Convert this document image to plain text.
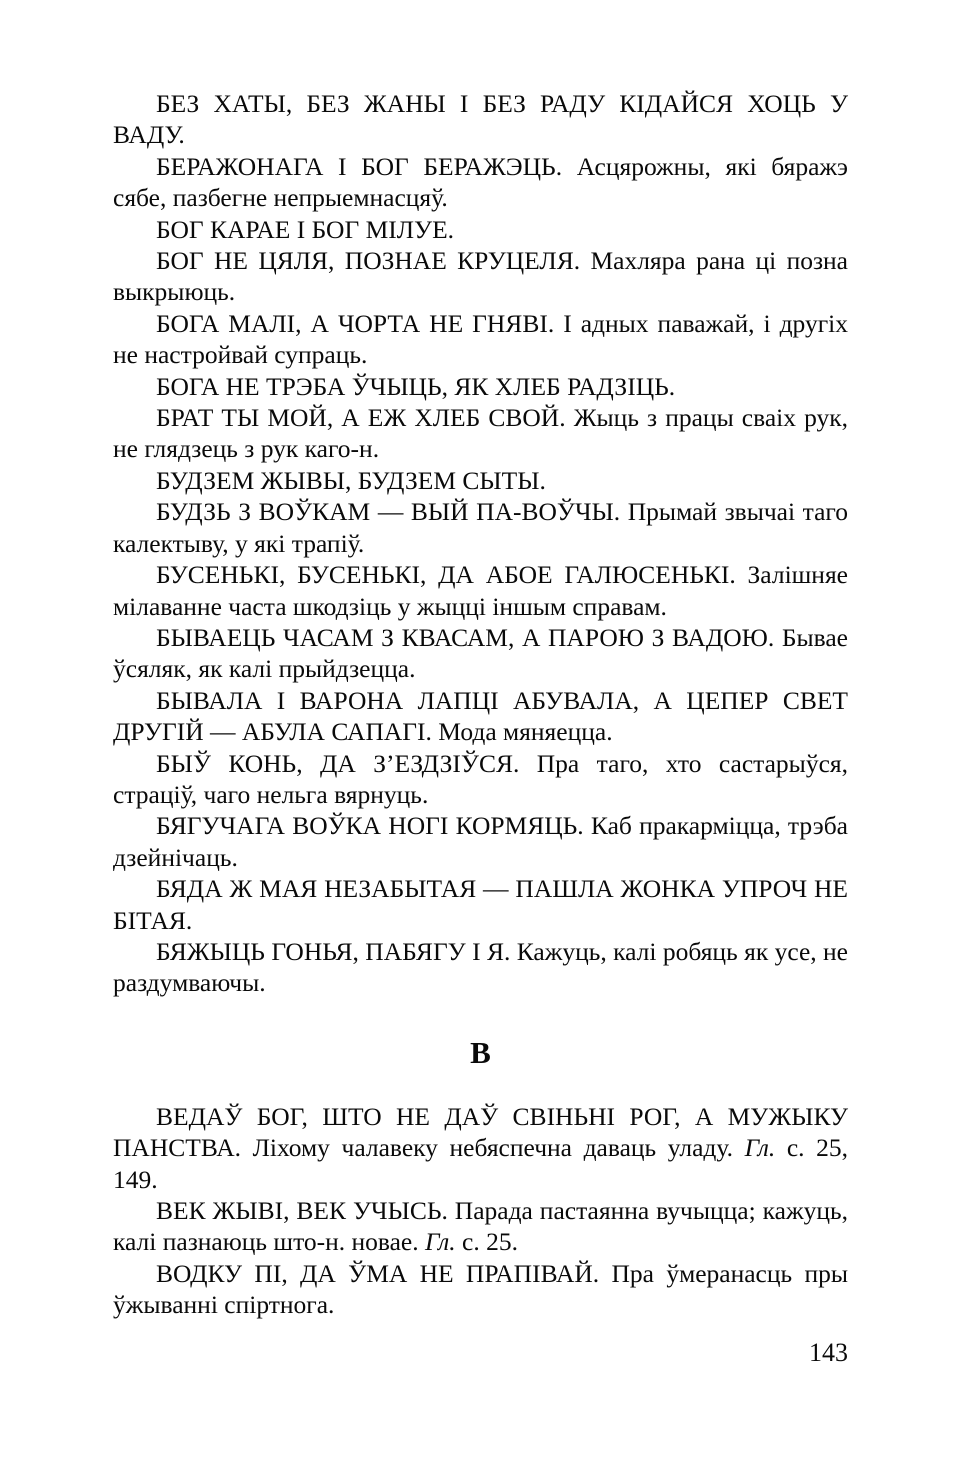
БЕЗ ХАТЫ, БЕЗ ЖАНЫ І БЕЗ РАДУ КІДАЙСЯ ХОЦЬ У ВАДУ.

БЕРАЖОНАГА І БОГ БЕРАЖЭЦЬ. Асцярожны, які бяражэ сябе, пазбегне непрыемнасцяў.

БОГ КАРАЕ І БОГ МІЛУЕ.

БОГ НЕ ЦЯЛЯ, ПОЗНАЕ КРУЦЕЛЯ. Махляра рана ці позна выкрыюць.

БОГА МАЛІ, А ЧОРТА НЕ ГНЯВІ. І адных паважай, і другіх не настройвай супраць.

БОГА НЕ ТРЭБА ЎЧЫЦЬ, ЯК ХЛЕБ РАДЗІЦЬ.

БРАТ ТЫ МОЙ, А ЕЖ ХЛЕБ СВОЙ. Жыць з працы сваіх рук, не глядзець з рук каго-н.

БУДЗЕМ ЖЫВЫ, БУДЗЕМ СЫТЫ.

БУДЗЬ З ВОЎКАМ — ВЫЙ ПА-ВОЎЧЫ. Прымай звычаі таго калектыву, у які трапіў.

БУСЕНЬКІ, БУСЕНЬКІ, ДА АБОЕ ГАЛЮСЕНЬКІ. Залішняе мілаванне часта шкодзіць у жыцці іншым справам.

БЫВАЕЦЬ ЧАСАМ З КВАСАМ, А ПАРОЮ З ВАДОЮ. Бывае ўсяляк, як калі прыйдзецца.

БЫВАЛА І ВАРОНА ЛАПЦІ АБУВАЛА, А ЦЕПЕР СВЕТ ДРУГІЙ — АБУЛА САПАГІ. Мода мяняецца.

БЫЎ КОНЬ, ДА З’ЕЗДЗІЎСЯ. Пра таго, хто састарыўся, страціў, чаго нельга вярнуць.

БЯГУЧАГА ВОЎКА НОГІ КОРМЯЦЬ. Каб пракарміцца, трэба дзейнічаць.

БЯДА Ж МАЯ НЕЗАБЫТАЯ — ПАШЛА ЖОНКА УПРОЧ НЕ БІТАЯ.

БЯЖЫЦЬ ГОНЬЯ, ПАБЯГУ І Я. Кажуць, калі робяць як усе, не раздумваючы.

В

ВЕДАЎ БОГ, ШТО НЕ ДАЎ СВІНЬНІ РОГ, А МУЖЫКУ ПАНСТВА. Ліхому чалавеку небяспечна даваць уладу. Гл. с. 25, 149.

ВЕК ЖЫВІ, ВЕК УЧЫСЬ. Парада пастаянна вучыцца; кажуць, калі пазнаюць што-н. новае. Гл. с. 25.

ВОДКУ ПІ, ДА ЎМА НЕ ПРАПІВАЙ. Пра ўмеранасць пры ўжыванні спіртнога.

143
